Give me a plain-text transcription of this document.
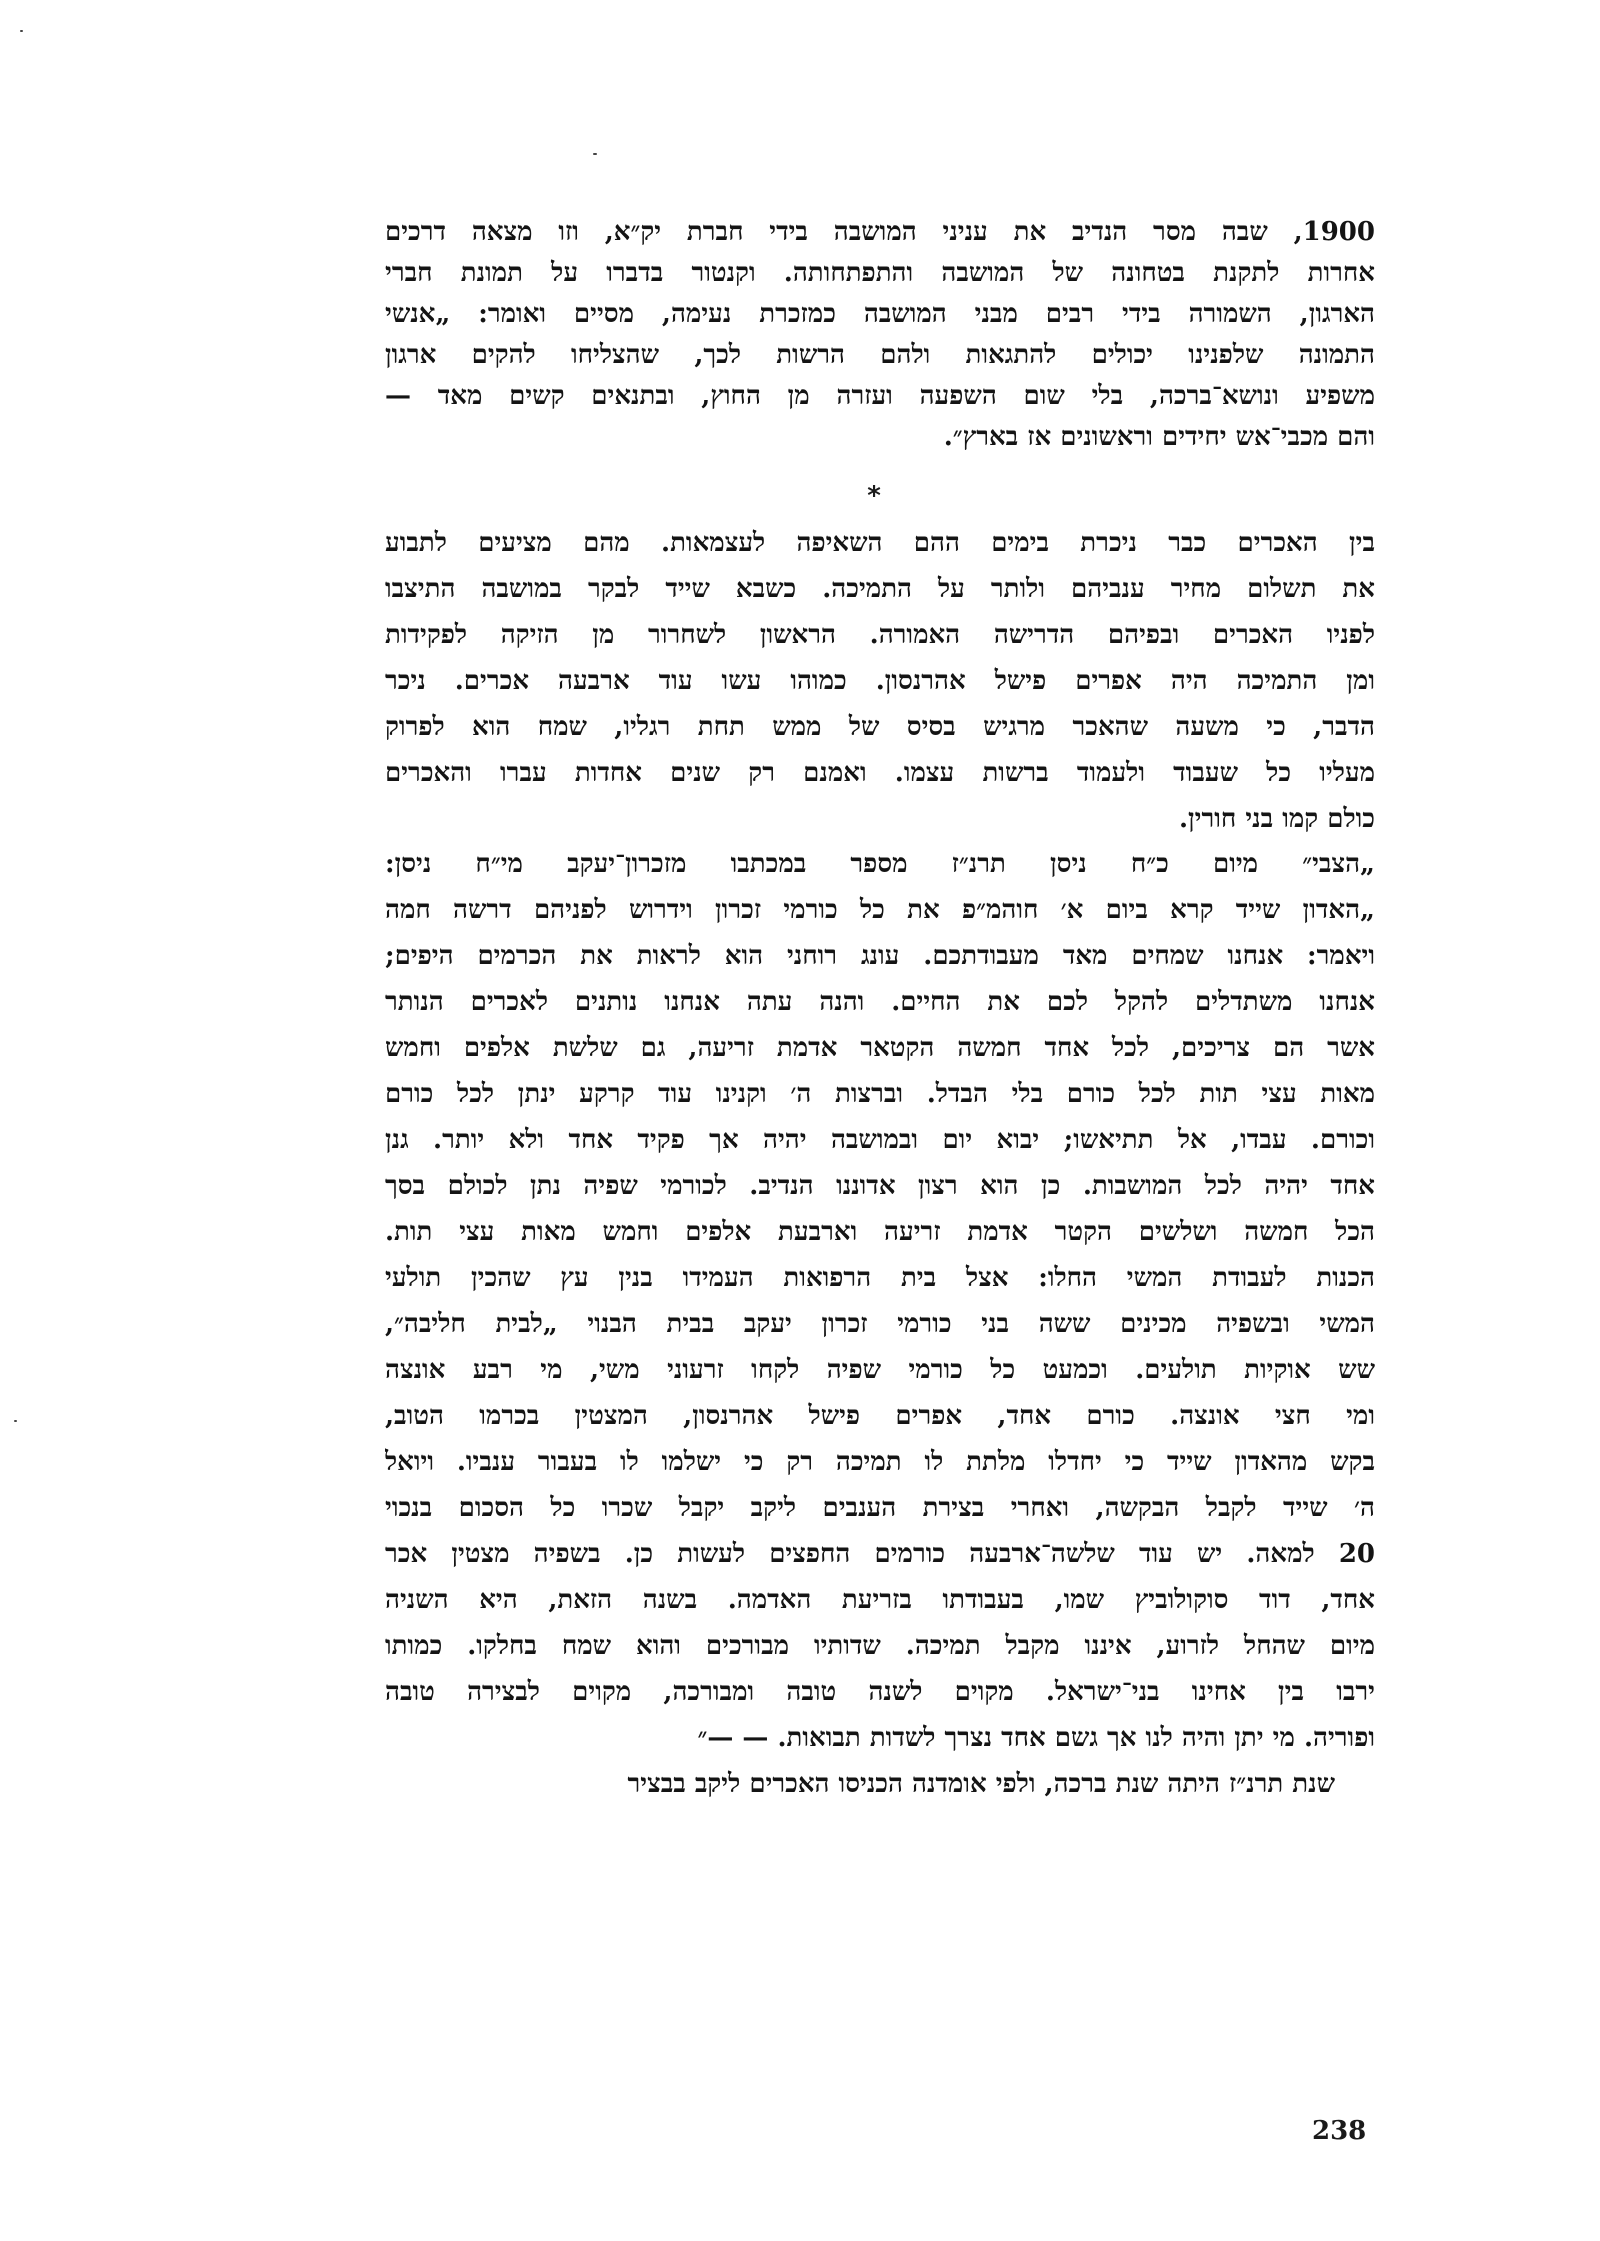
1900, שבה מסר הנדיב את עניני המושבה בידי חברת יק״א, וזו מצאה דרכים
אחרות לתקנת בטחונה של המושבה והתפתחותה. וקנטור בדברו על תמונת חברי
הארגון, השמורה בידי רבים מבני המושבה כמזכרת נעימה, מסיים ואומר: „אנשי
התמונה שלפנינו יכולים להתגאות ולהם הרשות לכך, שהצליחו להקים ארגון
משפיע ונושא־ברכה, בלי שום השפעה ועזרה מן החוץ, ובתנאים קשים מאד —
והם מכבי־אש יחידים וראשונים אז בארץ״.
בין האכרים כבר ניכרת בימים ההם השאיפה לעצמאות. מהם מציעים לתבוע
את תשלום מחיר ענביהם ולותר על התמיכה. כשבא שייד לבקר במושבה התיצבו
לפניו האכרים ובפיהם הדרישה האמורה. הראשון לשחרור מן הזיקה לפקידות
ומן התמיכה היה אפרים פישל אהרנסון. כמוהו עשו עוד ארבעה אכרים. ניכר
הדבר, כי משעה שהאכר מרגיש בסיס של ממש תחת רגליו, שמח הוא לפרוק
מעליו כל שעבוד ולעמוד ברשות עצמו. ואמנם רק שנים אחדות עברו והאכרים
כולם קמו בני חורין.
„הצבי״ מיום כ״ח ניסן תרנ״ז מספר במכתבו מזכרון־יעקב מי״ח ניסן:
„האדון שייד קרא ביום א׳ חוהמ״פ את כל כורמי זכרון וידרוש לפניהם דרשה חמה
ויאמר: אנחנו שמחים מאד מעבודתכם. עונג רוחני הוא לראות את הכרמים היפים;
אנחנו משתדלים להקל לכם את החיים. והנה עתה אנחנו נותנים לאכרים הנותר
אשר הם צריכים, לכל אחד חמשה הקטאר אדמת זריעה, גם שלשת אלפים וחמש
מאות עצי תות לכל כורם בלי הבדל. וברצות ה׳ וקנינו עוד קרקע ינתן לכל כורם
וכורם. עבדו, אל תתיאשו; יבוא יום ובמושבה יהיה אך פקיד אחד ולא יותר. גנן
אחד יהיה לכל המושבות. כן הוא רצון אדוננו הנדיב. לכורמי שפיה נתן לכולם בסך
הכל חמשה ושלשים הקטר אדמת זריעה וארבעת אלפים וחמש מאות עצי תות.
הכנות לעבודת המשי החלו: אצל בית הרפואות העמידו בנין עץ שהכין תולעי
המשי ובשפיה מכינים ששה בני כורמי זכרון יעקב בבית הבנוי „לבית חליבה״,
שש אוקיות תולעים. וכמעט כל כורמי שפיה לקחו זרעוני משי, מי רבע אונצה
ומי חצי אונצה. כורם אחד, אפרים פישל אהרנסון, המצטין בכרמו הטוב,
בקש מהאדון שייד כי יחדלו מלתת לו תמיכה רק כי ישלמו לו בעבור ענביו. ויואל
ה׳ שייד לקבל הבקשה, ואחרי בצירת הענבים ליקב יקבל שכרו כל הסכום בנכוי
20 למאה. יש עוד שלשה־ארבעה כורמים החפצים לעשות כן. בשפיה מצטין אכר
אחד, דוד סוקולוביץ שמו, בעבודתו בזריעת האדמה. בשנה הזאת, היא השניה
מיום שהחל לזרוע, איננו מקבל תמיכה. שדותיו מבורכים והוא שמח בחלקו. כמותו
ירבו בין אחינו בני־ישראל. מקוים לשנה טובה ומבורכה, מקוים לבצירה טובה
ופוריה. מי יתן והיה לנו אך גשם אחד נצרך לשדות תבואות. — —״
שנת תרנ״ז היתה שנת ברכה, ולפי אומדנה הכניסו האכרים ליקב בבציר
*
238
